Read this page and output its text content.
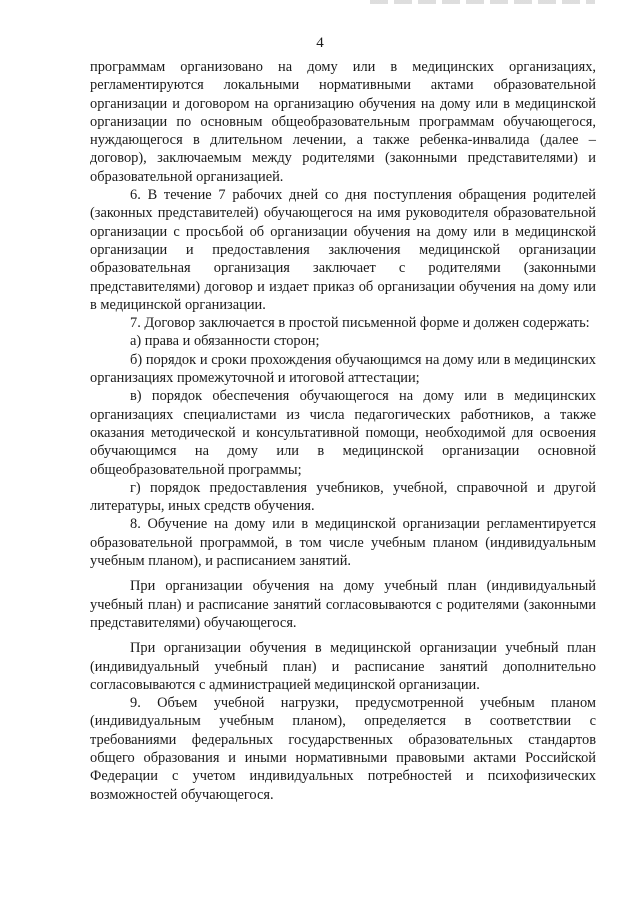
4

программам организовано на дому или в медицинских организациях, регламентируются локальными нормативными актами образовательной организации и договором на организацию обучения на дому или в медицинской организации по основным общеобразовательным программам обучающегося, нуждающегося в длительном лечении, а также ребенка-инвалида (далее – договор), заключаемым между родителями (законными представителями) и образовательной организацией.

6. В течение 7 рабочих дней со дня поступления обращения родителей (законных представителей) обучающегося на имя руководителя образовательной организации с просьбой об организации обучения на дому или в медицинской организации и предоставления заключения медицинской организации образовательная организация заключает с родителями (законными представителями) договор и издает приказ об организации обучения на дому или в медицинской организации.

7. Договор заключается в простой письменной форме и должен содержать:

а) права и обязанности сторон;

б) порядок и сроки прохождения обучающимся на дому или в медицинских организациях промежуточной и итоговой аттестации;

в) порядок обеспечения обучающегося на дому или в медицинских организациях специалистами из числа педагогических работников, а также оказания методической и консультативной помощи, необходимой для освоения обучающимся на дому или в медицинской организации основной общеобразовательной программы;

г) порядок предоставления учебников, учебной, справочной и другой литературы, иных средств обучения.

8. Обучение на дому или в медицинской организации регламентируется образовательной программой, в том числе учебным планом (индивидуальным учебным планом), и расписанием занятий.

При организации обучения на дому учебный план (индивидуальный учебный план) и расписание занятий согласовываются с родителями (законными представителями) обучающегося.

При организации обучения в медицинской организации учебный план (индивидуальный учебный план) и расписание занятий дополнительно согласовываются с администрацией медицинской организации.

9. Объем учебной нагрузки, предусмотренной учебным планом (индивидуальным учебным планом), определяется в соответствии с требованиями федеральных государственных образовательных стандартов общего образования и иными нормативными правовыми актами Российской Федерации с учетом индивидуальных потребностей и психофизических возможностей обучающегося.
